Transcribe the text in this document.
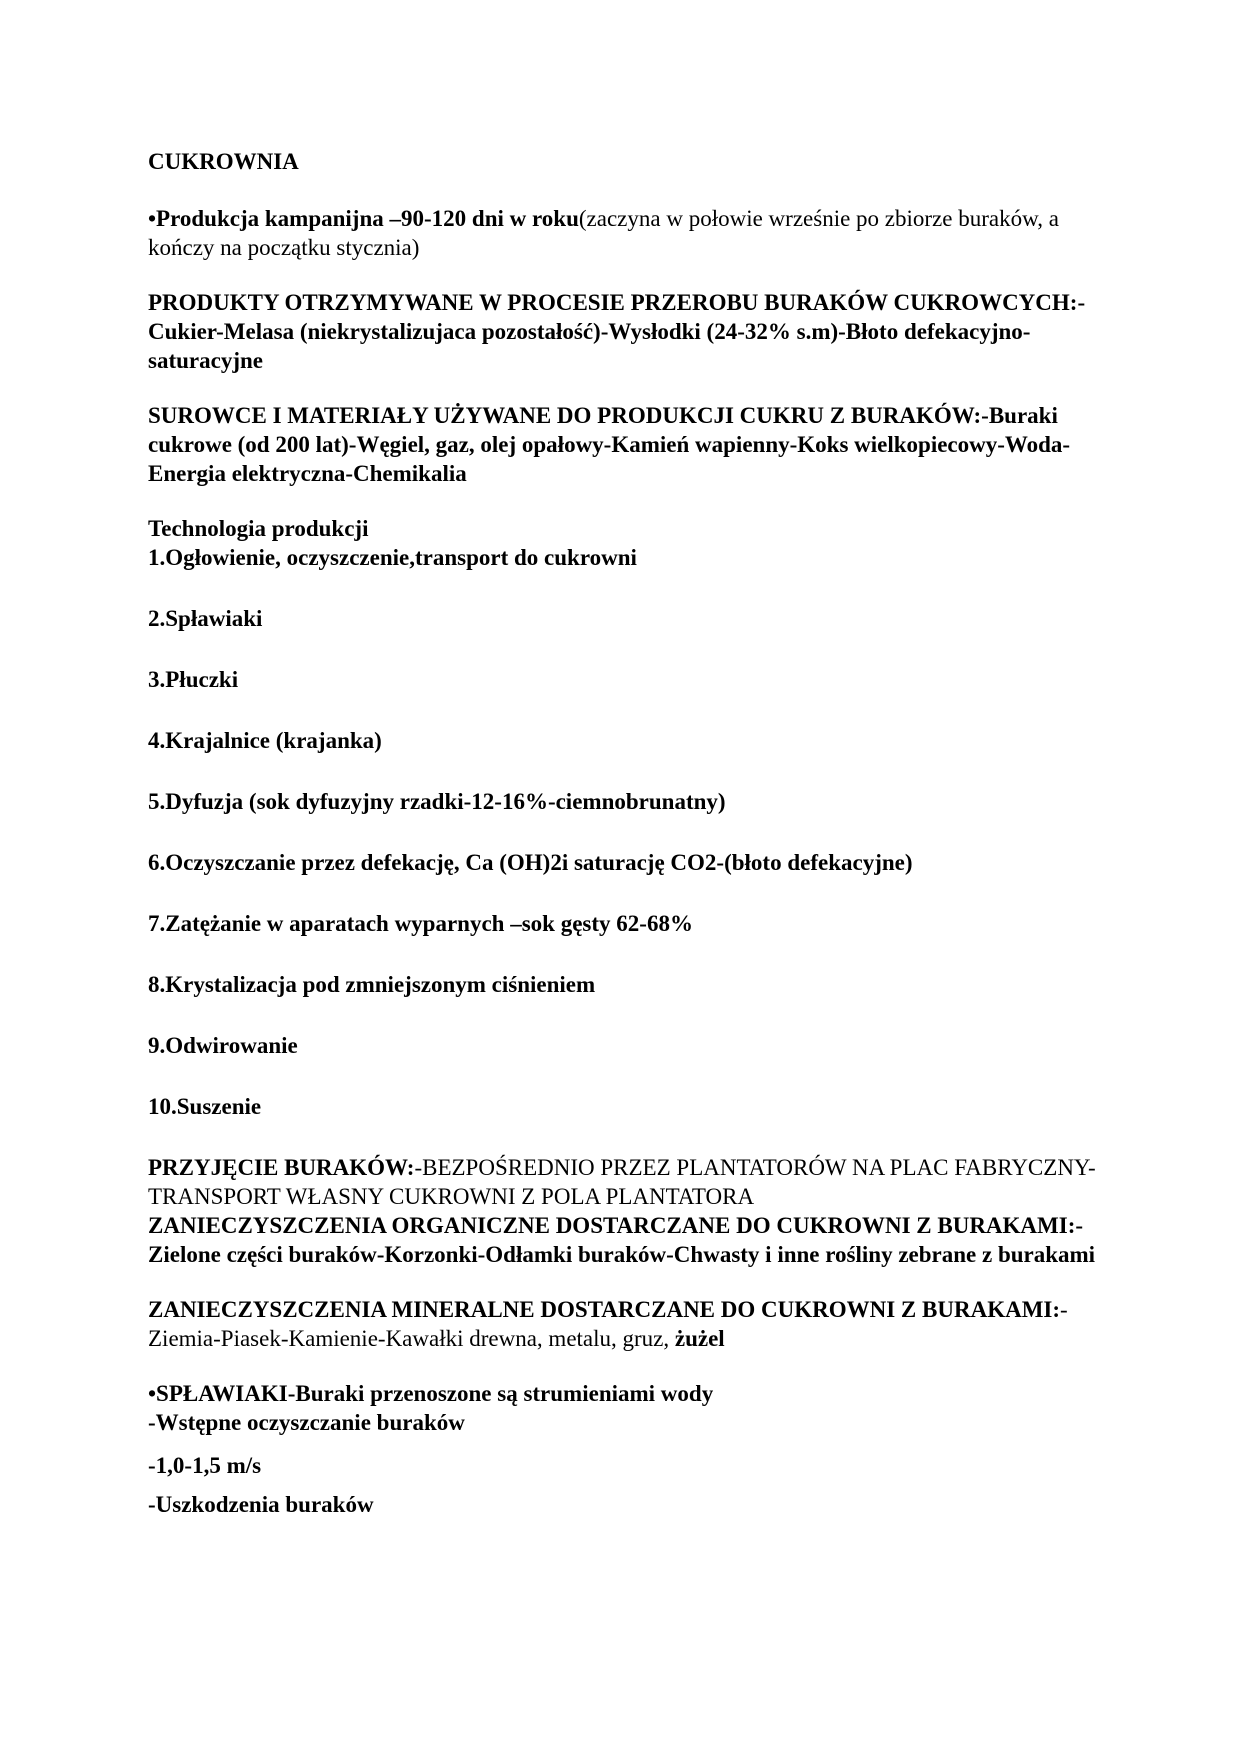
CUKROWNIA

•Produkcja kampanijna –90-120 dni w roku(zaczyna w połowie wrześnie po zbiorze buraków, a kończy na początku stycznia)

PRODUKTY OTRZYMYWANE W PROCESIE PRZEROBU BURAKÓW CUKROWCYCH:-Cukier-Melasa (niekrystalizujaca pozostałość)-Wysłodki (24-32% s.m)-Błoto defekacyjno-saturacyjne

SUROWCE I MATERIAŁY UŻYWANE DO PRODUKCJI CUKRU Z BURAKÓW:-Buraki cukrowe (od 200 lat)-Węgiel, gaz, olej opałowy-Kamień wapienny-Koks wielkopiecowy-Woda-Energia elektryczna-Chemikalia

Technologia produkcji

1.Ogłowienie, oczyszczenie,transport do cukrowni

2.Spławiaki

3.Płuczki

4.Krajalnice (krajanka)

5.Dyfuzja (sok dyfuzyjny rzadki-12-16%-ciemnobrunatny)

6.Oczyszczanie przez defekację, Ca (OH)2i saturację CO2-(błoto defekacyjne)

7.Zatężanie w aparatach wyparnych –sok gęsty 62-68%

8.Krystalizacja pod zmniejszonym ciśnieniem

9.Odwirowanie

10.Suszenie

PRZYJĘCIE BURAKÓW:-BEZPOŚREDNIO PRZEZ PLANTATORÓW NA PLAC FABRYCZNY-TRANSPORT WŁASNY CUKROWNI Z POLA PLANTATORA

ZANIECZYSZCZENIA ORGANICZNE DOSTARCZANE DO CUKROWNI Z BURAKAMI:-Zielone części buraków-Korzonki-Odłamki buraków-Chwasty i inne rośliny zebrane z burakami

ZANIECZYSZCZENIA MINERALNE DOSTARCZANE DO CUKROWNI Z BURAKAMI:-Ziemia-Piasek-Kamienie-Kawałki drewna, metalu, gruz, żużel

•SPŁAWIAKI-Buraki przenoszone są strumieniami wody

-Wstępne oczyszczanie buraków

-1,0-1,5 m/s

-Uszkodzenia buraków
